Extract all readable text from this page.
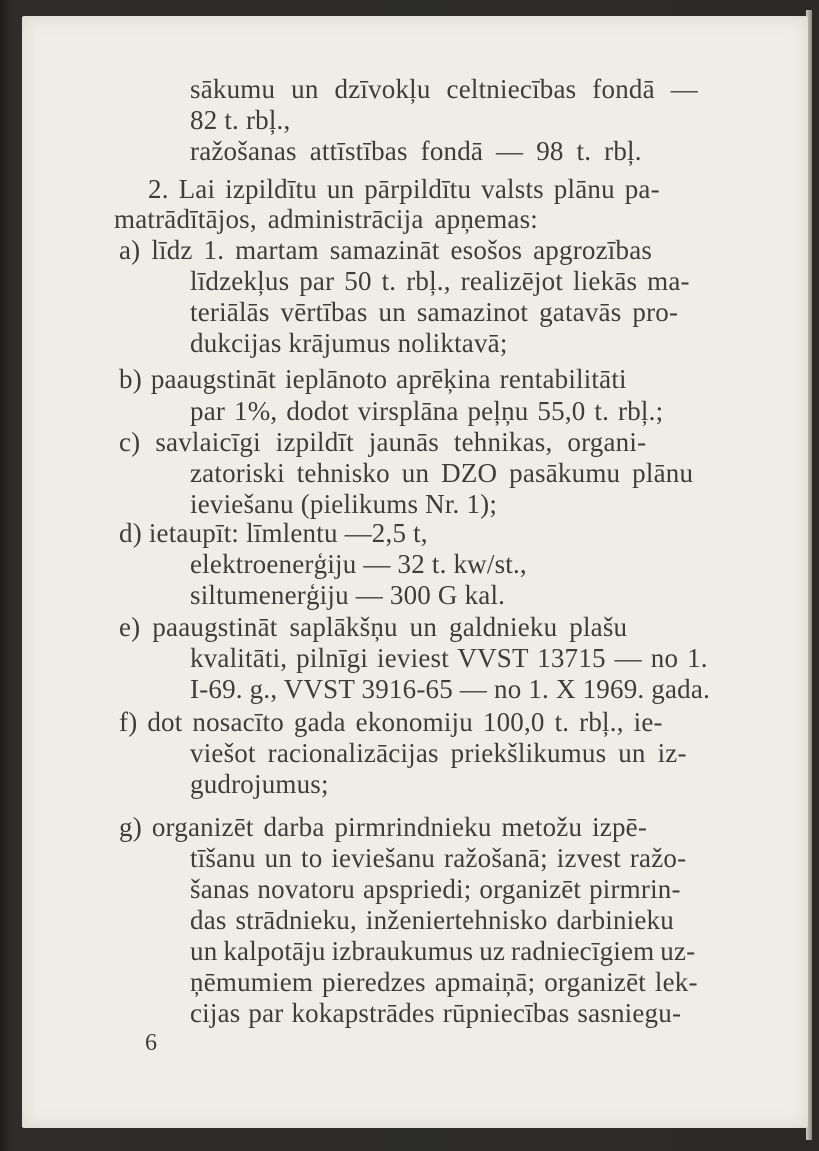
sākumu un dzīvokļu celtniecības fondā —
82 t. rbļ.,
ražošanas attīstības fondā — 98 t. rbļ.
2. Lai izpildītu un pārpildītu valsts plānu pa-
matrādītājos, administrācija apņemas:
a) līdz 1. martam samazināt esošos apgrozības
līdzekļus par 50 t. rbļ., realizējot liekās ma-
teriālās vērtības un samazinot gatavās pro-
dukcijas krājumus noliktavā;
b) paaugstināt ieplānoto aprēķina rentabilitāti
par 1%, dodot virsplāna peļņu 55,0 t. rbļ.;
c) savlaicīgi izpildīt jaunās tehnikas, organi-
zatoriski tehnisko un DZO pasākumu plānu
ieviešanu (pielikums Nr. 1);
d) ietaupīt: līmlentu —2,5 t,
elektroenerģiju — 32 t. kw/st.,
siltumenerģiju — 300 G kal.
e) paaugstināt saplākšņu un galdnieku plašu
kvalitāti, pilnīgi ieviest VVST 13715 — no 1.
I-69. g., VVST 3916-65 — no 1. X 1969. gada.
f) dot nosacīto gada ekonomiju 100,0 t. rbļ., ie-
viešot racionalizācijas priekšlikumus un iz-
gudrojumus;
g) organizēt darba pirmrindnieku metožu izpē-
tīšanu un to ieviešanu ražošanā; izvest ražo-
šanas novatoru apspriedi; organizēt pirmrin-
das strādnieku, inženiertehnisko darbinieku
un kalpotāju izbraukumus uz radniecīgiem uz-
ņēmumiem pieredzes apmaiņā; organizēt lek-
cijas par kokapstrādes rūpniecības sasniegu-
6
